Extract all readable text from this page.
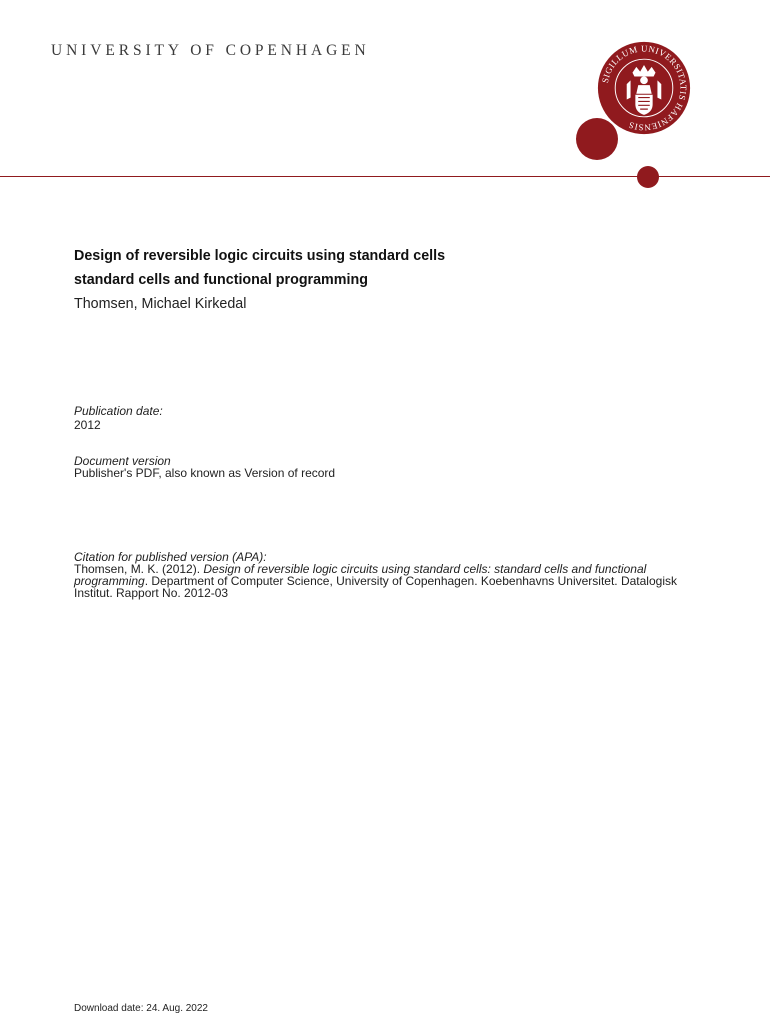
UNIVERSITY OF COPENHAGEN
SIGILLUM UNIVERSITATIS HAFNIENSIS
Design of reversible logic circuits using standard cells
standard cells and functional programming
Thomsen, Michael Kirkedal
Publication date:
2012
Document version
Publisher's PDF, also known as Version of record
Citation for published version (APA):
Thomsen, M. K. (2012). Design of reversible logic circuits using standard cells: standard cells and functional programming. Department of Computer Science, University of Copenhagen. Koebenhavns Universitet. Datalogisk Institut. Rapport No. 2012-03
Download date: 24. Aug. 2022
